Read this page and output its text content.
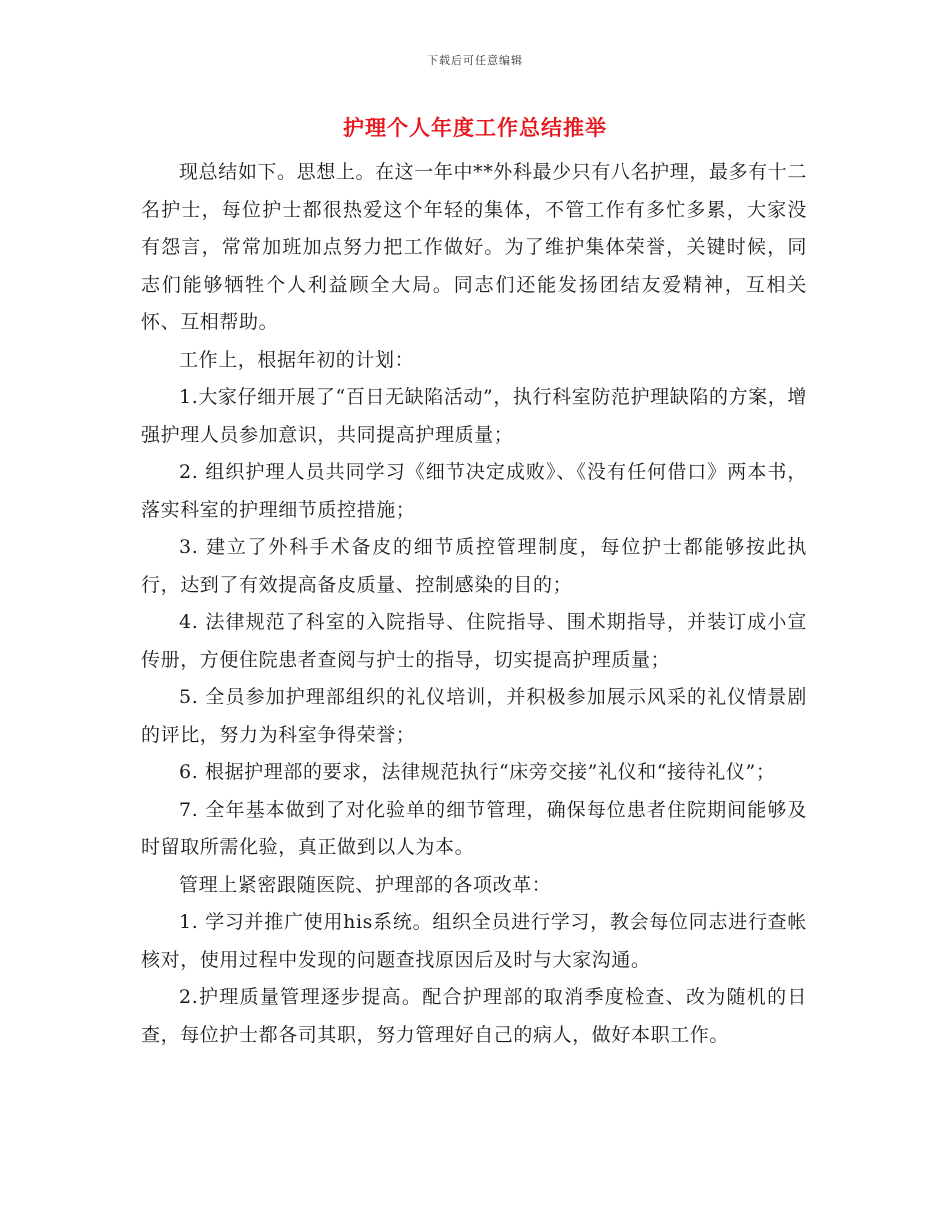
下载后可任意编辑
护理个人年度工作总结推举

现总结如下。思想上。在这一年中**外科最少只有八名护理，最多有十二名护士，每位护士都很热爱这个年轻的集体，不管工作有多忙多累，大家没有怨言，常常加班加点努力把工作做好。为了维护集体荣誉，关键时候，同志们能够牺牲个人利益顾全大局。同志们还能发扬团结友爱精神，互相关怀、互相帮助。

工作上，根据年初的计划：

1.大家仔细开展了“百日无缺陷活动”，执行科室防范护理缺陷的方案，增强护理人员参加意识，共同提高护理质量；

2. 组织护理人员共同学习《细节决定成败》、《没有任何借口》两本书，落实科室的护理细节质控措施；

3. 建立了外科手术备皮的细节质控管理制度，每位护士都能够按此执行，达到了有效提高备皮质量、控制感染的目的；

4. 法律规范了科室的入院指导、住院指导、围术期指导，并装订成小宣传册，方便住院患者查阅与护士的指导，切实提高护理质量；

5. 全员参加护理部组织的礼仪培训，并积极参加展示风采的礼仪情景剧的评比，努力为科室争得荣誉；

6. 根据护理部的要求，法律规范执行“床旁交接”礼仪和“接待礼仪”；

7. 全年基本做到了对化验单的细节管理，确保每位患者住院期间能够及时留取所需化验，真正做到以人为本。

管理上紧密跟随医院、护理部的各项改革：

1. 学习并推广使用his系统。组织全员进行学习，教会每位同志进行查帐核对，使用过程中发现的问题查找原因后及时与大家沟通。

2.护理质量管理逐步提高。配合护理部的取消季度检查、改为随机的日查，每位护士都各司其职，努力管理好自己的病人，做好本职工作。
